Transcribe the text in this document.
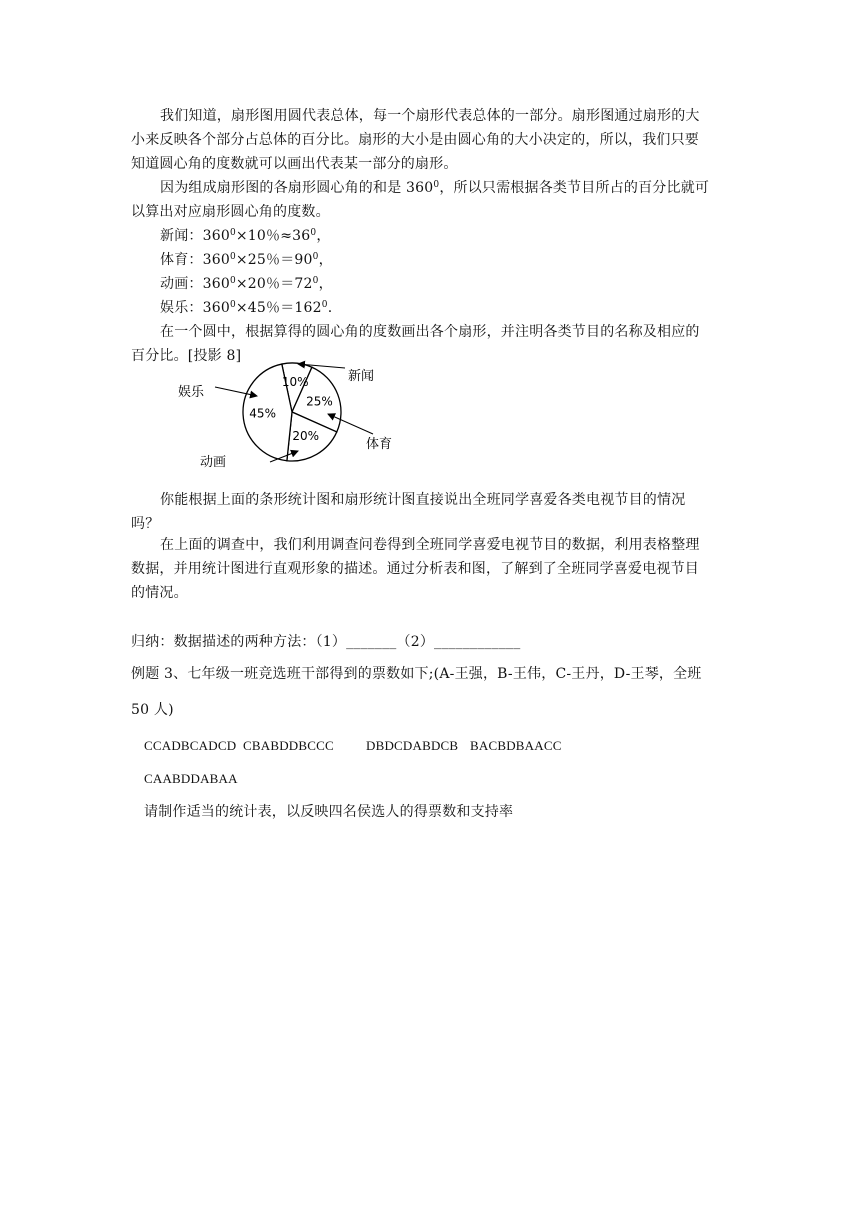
我们知道，扇形图用圆代表总体，每一个扇形代表总体的一部分。扇形图通过扇形的大
小来反映各个部分占总体的百分比。扇形的大小是由圆心角的大小决定的，所以，我们只要
知道圆心角的度数就可以画出代表某一部分的扇形。
因为组成扇形图的各扇形圆心角的和是 $360^0$，所以只需根据各类节目所占的百分比就可
以算出对应扇形圆心角的度数。
新闻：$360^0\times 10$％$\approx 36^0$，
体育：$360^0\times 25$％$=90^0$，
动画：$360^0\times 20$％$=72^0$，
娱乐：$360^0\times 45$％$=162^0$.
在一个圆中，根据算得的圆心角的度数画出各个扇形，并注明各类节目的名称及相应的
百分比。[投影 8]
10%
25%
20%
45%
新闻
体育
动画
娱乐
你能根据上面的条形统计图和扇形统计图直接说出全班同学喜爱各类电视节目的情况
吗？
在上面的调查中，我们利用调查问卷得到全班同学喜爱电视节目的数据，利用表格整理
数据，并用统计图进行直观形象的描述。通过分析表和图，了解到了全班同学喜爱电视节目
的情况。
归纳：数据描述的两种方法：（1）_______（2）____________
例题 3、七年级一班竞选班干部得到的票数如下;(A-王强，B-王伟，C-王丹，D-王琴，全班
50 人)
CCADBCADCD CBABDDBCCC DBDCDABDCB BACBDBAACC
CAABDDABAA
请制作适当的统计表，以反映四名侯选人的得票数和支持率
